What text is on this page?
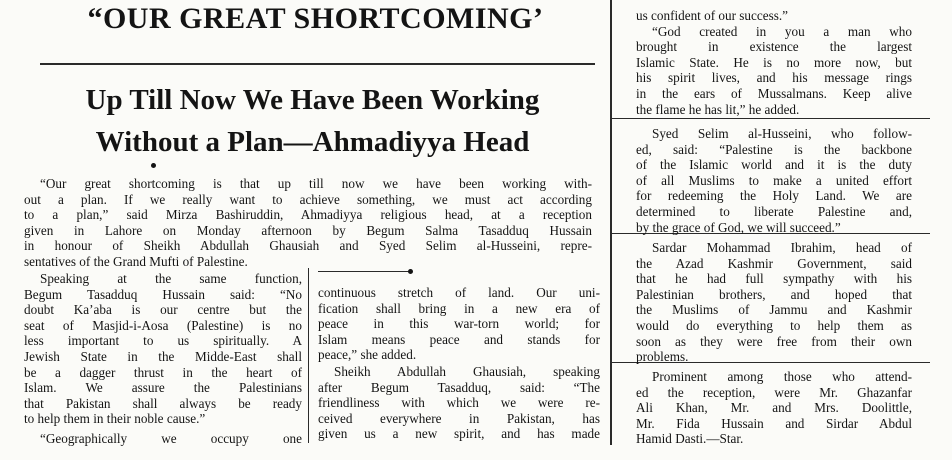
“OUR GREAT SHORTCOMING’
Up Till Now We Have Been Working
Without a Plan—Ahmadiyya Head
“Our great shortcoming is that up till now we have been working with-
out a plan. If we really want to achieve something, we must act according
to a plan,” said Mirza Bashiruddin, Ahmadiyya religious head, at a reception
given in Lahore on Monday afternoon by Begum Salma Tasadduq Hussain
in honour of Sheikh Abdullah Ghausiah and Syed Selim al-Husseini, repre-
sentatives of the Grand Mufti of Palestine.
Speaking at the same function,
Begum Tasadduq Hussain said: “No
doubt Ka’aba is our centre but the
seat of Masjid-i-Aosa (Palestine) is no
less important to us spiritually. A
Jewish State in the Midde-East shall
be a dagger thrust in the heart of
Islam. We assure the Palestinians
that Pakistan shall always be ready
to help them in their noble cause.”
“Geographically we occupy one
continuous stretch of land. Our uni-
fication shall bring in a new era of
peace in this war-torn world; for
Islam means peace and stands for
peace,” she added.
Sheikh Abdullah Ghausiah, speaking
after Begum Tasadduq, said: “The
friendliness with which we were re-
ceived everywhere in Pakistan, has
given us a new spirit, and has made
us confident of our success.”
“God created in you a man who
brought in existence the largest
Islamic State. He is no more now, but
his spirit lives, and his message rings
in the ears of Mussalmans. Keep alive
the flame he has lit,” he added.
Syed Selim al-Husseini, who follow-
ed, said: “Palestine is the backbone
of the Islamic world and it is the duty
of all Muslims to make a united effort
for redeeming the Holy Land. We are
determined to liberate Palestine and,
by the grace of God, we will succeed.”
Sardar Mohammad Ibrahim, head of
the Azad Kashmir Government, said
that he had full sympathy with his
Palestinian brothers, and hoped that
the Muslims of Jammu and Kashmir
would do everything to help them as
soon as they were free from their own
problems.
Prominent among those who attend-
ed the reception, were Mr. Ghazanfar
Ali Khan, Mr. and Mrs. Doolittle,
Mr. Fida Hussain and Sirdar Abdul
Hamid Dasti.—Star.
